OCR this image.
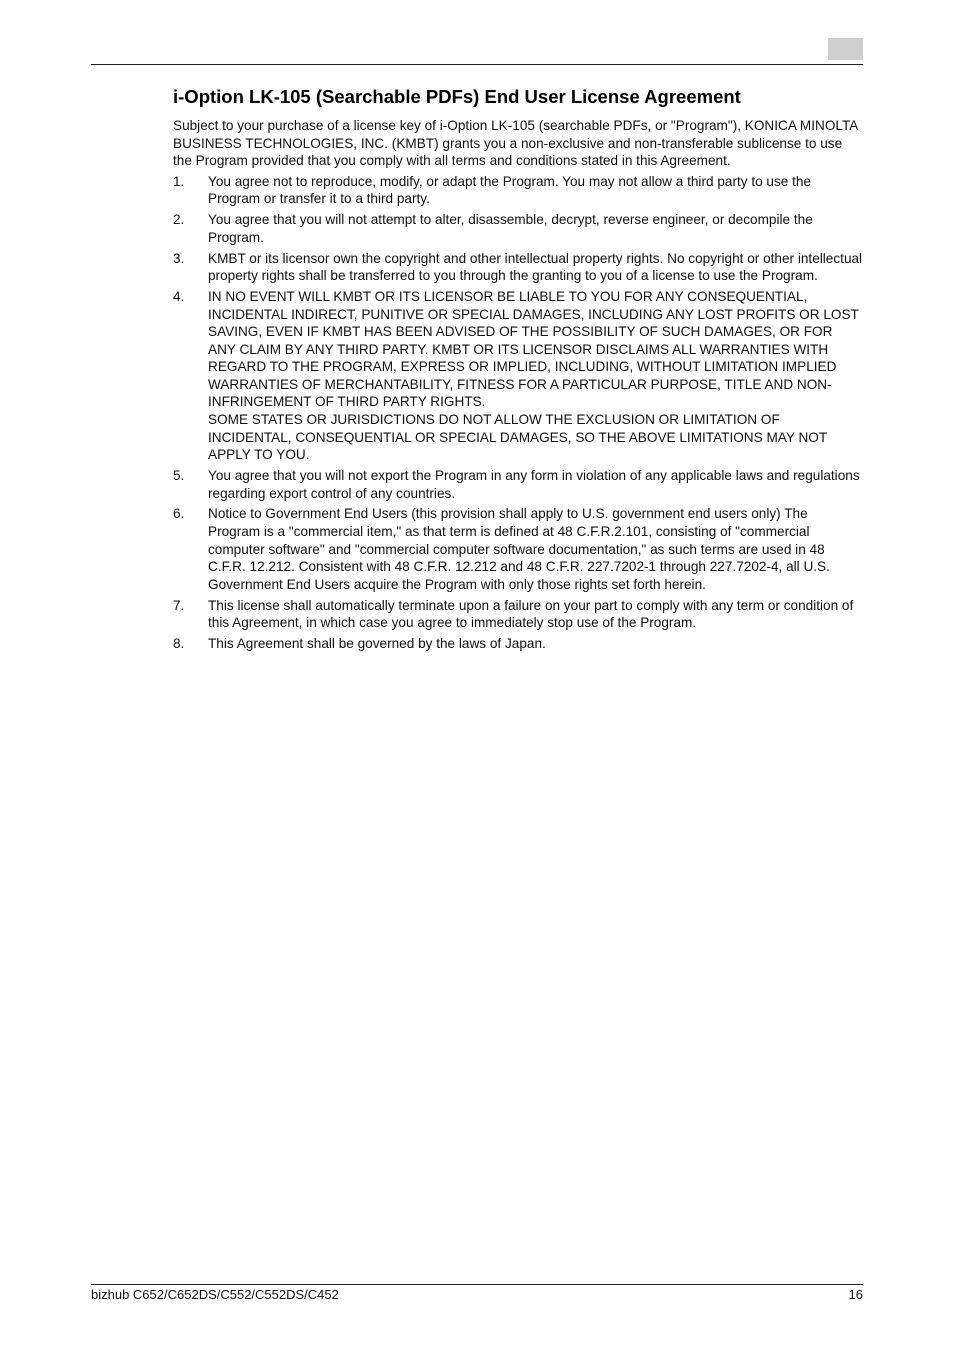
i-Option LK-105 (Searchable PDFs) End User License Agreement

Subject to your purchase of a license key of i-Option LK-105 (searchable PDFs, or "Program"), KONICA MINOLTA BUSINESS TECHNOLOGIES, INC. (KMBT) grants you a non-exclusive and non-transferable sublicense to use the Program provided that you comply with all terms and conditions stated in this Agreement.

1. You agree not to reproduce, modify, or adapt the Program. You may not allow a third party to use the Program or transfer it to a third party.
2. You agree that you will not attempt to alter, disassemble, decrypt, reverse engineer, or decompile the Program.
3. KMBT or its licensor own the copyright and other intellectual property rights. No copyright or other intellectual property rights shall be transferred to you through the granting to you of a license to use the Program.
4. IN NO EVENT WILL KMBT OR ITS LICENSOR BE LIABLE TO YOU FOR ANY CONSEQUENTIAL, INCIDENTAL INDIRECT, PUNITIVE OR SPECIAL DAMAGES, INCLUDING ANY LOST PROFITS OR LOST SAVING, EVEN IF KMBT HAS BEEN ADVISED OF THE POSSIBILITY OF SUCH DAMAGES, OR FOR ANY CLAIM BY ANY THIRD PARTY. KMBT OR ITS LICENSOR DISCLAIMS ALL WARRANTIES WITH REGARD TO THE PROGRAM, EXPRESS OR IMPLIED, INCLUDING, WITHOUT LIMITATION IMPLIED WARRANTIES OF MERCHANTABILITY, FITNESS FOR A PARTICULAR PURPOSE, TITLE AND NON-INFRINGEMENT OF THIRD PARTY RIGHTS.
SOME STATES OR JURISDICTIONS DO NOT ALLOW THE EXCLUSION OR LIMITATION OF INCIDENTAL, CONSEQUENTIAL OR SPECIAL DAMAGES, SO THE ABOVE LIMITATIONS MAY NOT APPLY TO YOU.
5. You agree that you will not export the Program in any form in violation of any applicable laws and regulations regarding export control of any countries.
6. Notice to Government End Users (this provision shall apply to U.S. government end users only) The Program is a "commercial item," as that term is defined at 48 C.F.R.2.101, consisting of "commercial computer software" and "commercial computer software documentation," as such terms are used in 48 C.F.R. 12.212. Consistent with 48 C.F.R. 12.212 and 48 C.F.R. 227.7202-1 through 227.7202-4, all U.S. Government End Users acquire the Program with only those rights set forth herein.
7. This license shall automatically terminate upon a failure on your part to comply with any term or condition of this Agreement, in which case you agree to immediately stop use of the Program.
8. This Agreement shall be governed by the laws of Japan.
bizhub C652/C652DS/C552/C552DS/C452	16
